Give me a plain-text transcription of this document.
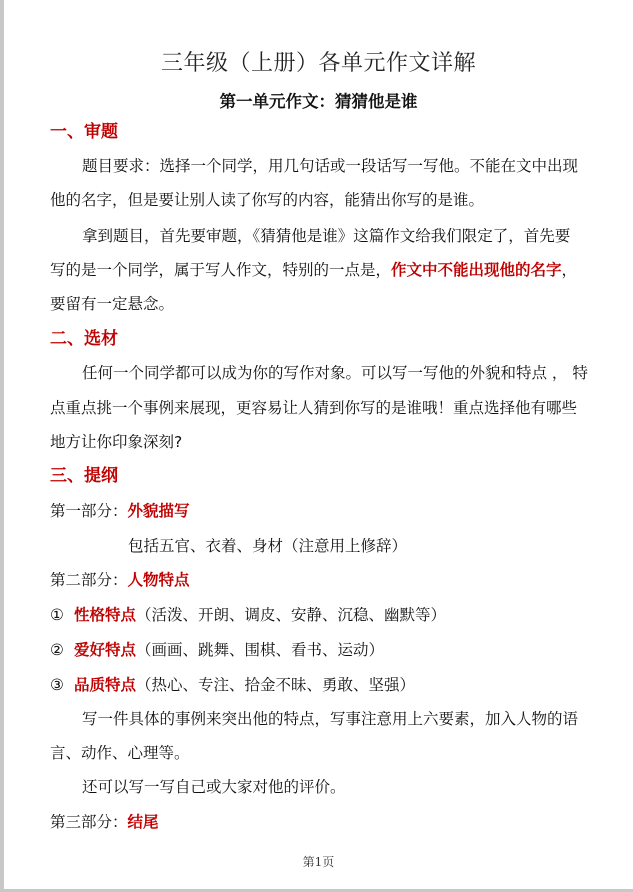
三年级（上册）各单元作文详解
第一单元作文：猜猜他是谁
一、审题
题目要求：选择一个同学，用几句话或一段话写一写他。不能在文中出现
他的名字，但是要让别人读了你写的内容，能猜出你写的是谁。
拿到题目，首先要审题，《猜猜他是谁》这篇作文给我们限定了，首先要
写的是一个同学，属于写人作文，特别的一点是，作文中不能出现他的名字，
要留有一定悬念。
二、选材
任何一个同学都可以成为你的写作对象。可以写一写他的外貌和特点 ， 特
点重点挑一个事例来展现，更容易让人猜到你写的是谁哦！重点选择他有哪些
地方让你印象深刻?
三、提纲
第一部分：外貌描写
包括五官、衣着、身材（注意用上修辞）
第二部分：人物特点
① 性格特点（活泼、开朗、调皮、安静、沉稳、幽默等）
② 爱好特点（画画、跳舞、围棋、看书、运动）
③ 品质特点（热心、专注、拾金不昧、勇敢、坚强）
写一件具体的事例来突出他的特点，写事注意用上六要素，加入人物的语
言、动作、心理等。
还可以写一写自己或大家对他的评价。
第三部分：结尾
第1页
